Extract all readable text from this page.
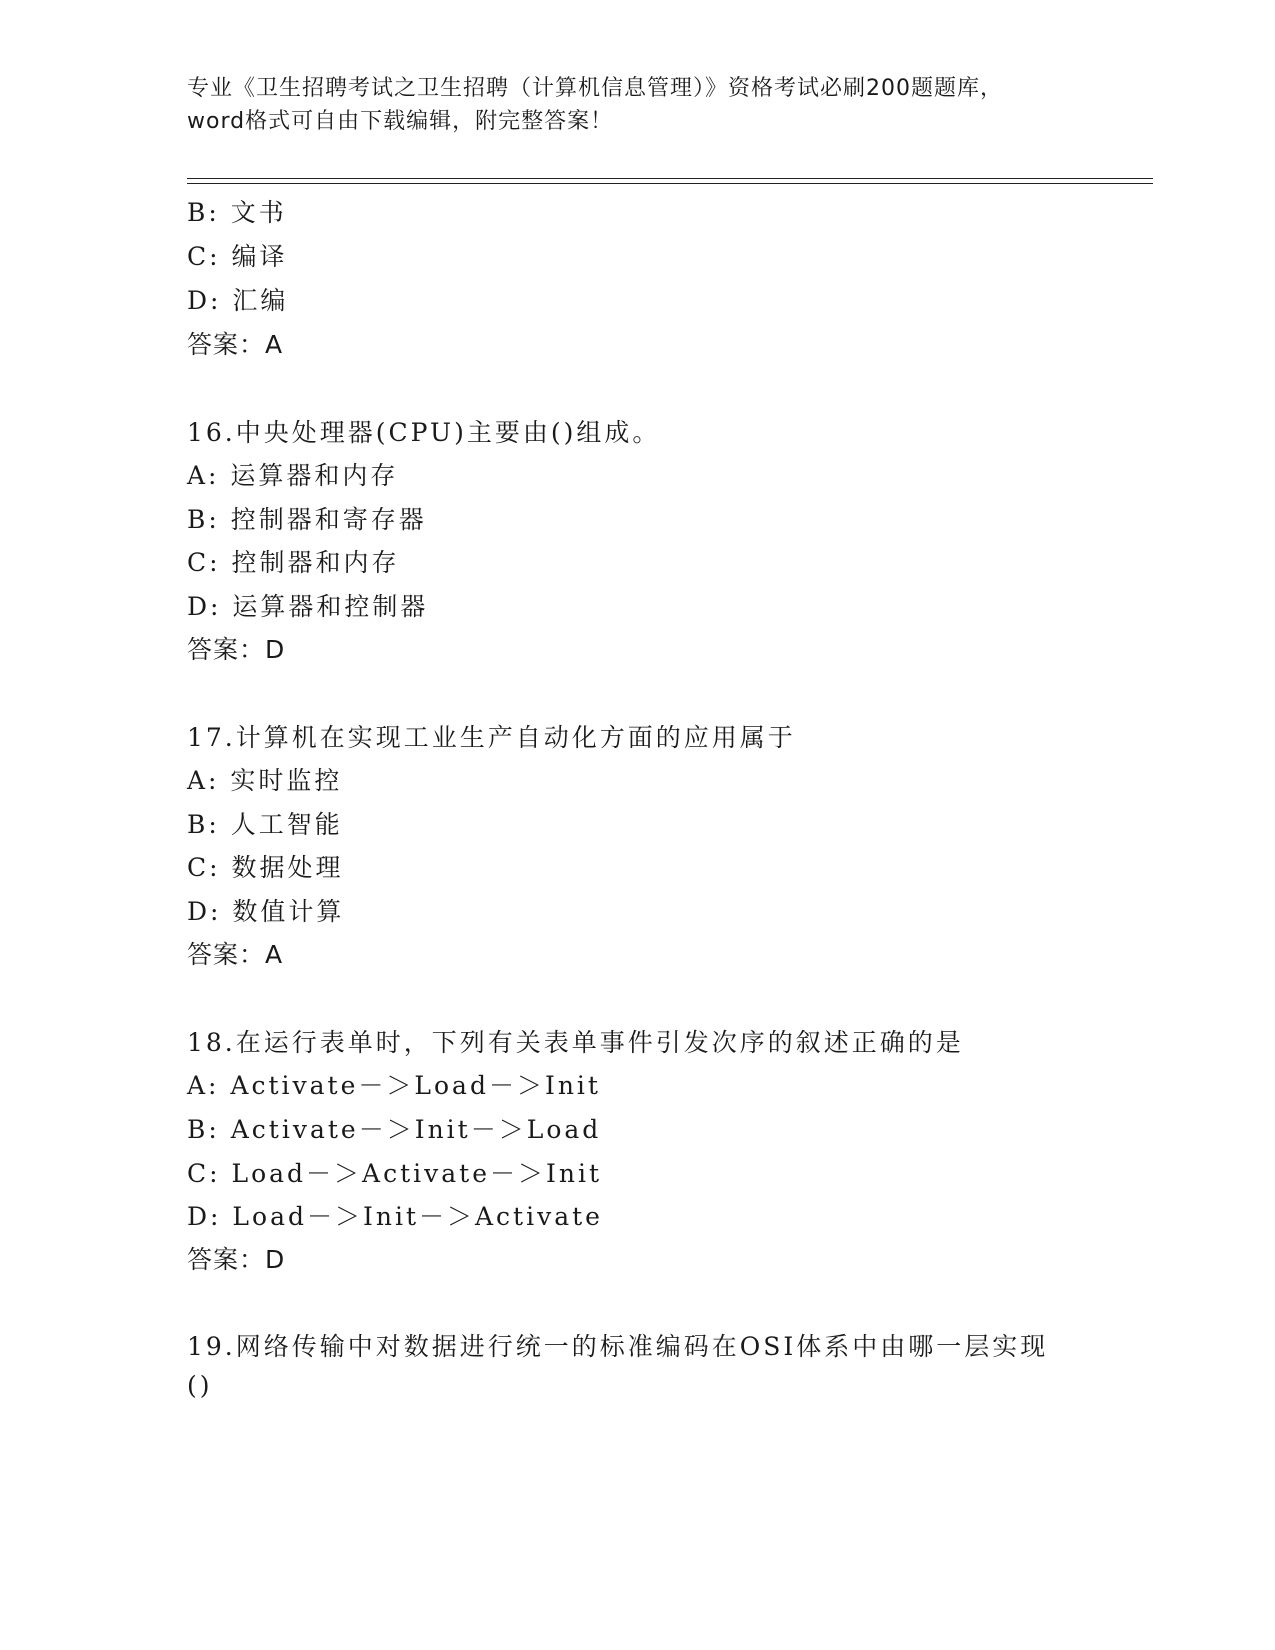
专业《卫生招聘考试之卫生招聘（计算机信息管理）》资格考试必刷200题题库，
word格式可自由下载编辑，附完整答案！
B: 文书
C: 编译
D: 汇编
答案：A
16.中央处理器(CPU)主要由()组成。
A: 运算器和内存
B: 控制器和寄存器
C: 控制器和内存
D: 运算器和控制器
答案：D
17.计算机在实现工业生产自动化方面的应用属于
A: 实时监控
B: 人工智能
C: 数据处理
D: 数值计算
答案：A
18.在运行表单时，下列有关表单事件引发次序的叙述正确的是
A: Activate－＞Load－＞Init
B: Activate－＞Init－＞Load
C: Load－＞Activate－＞Init
D: Load－＞Init－＞Activate
答案：D
19.网络传输中对数据进行统一的标准编码在OSI体系中由哪一层实现
()
